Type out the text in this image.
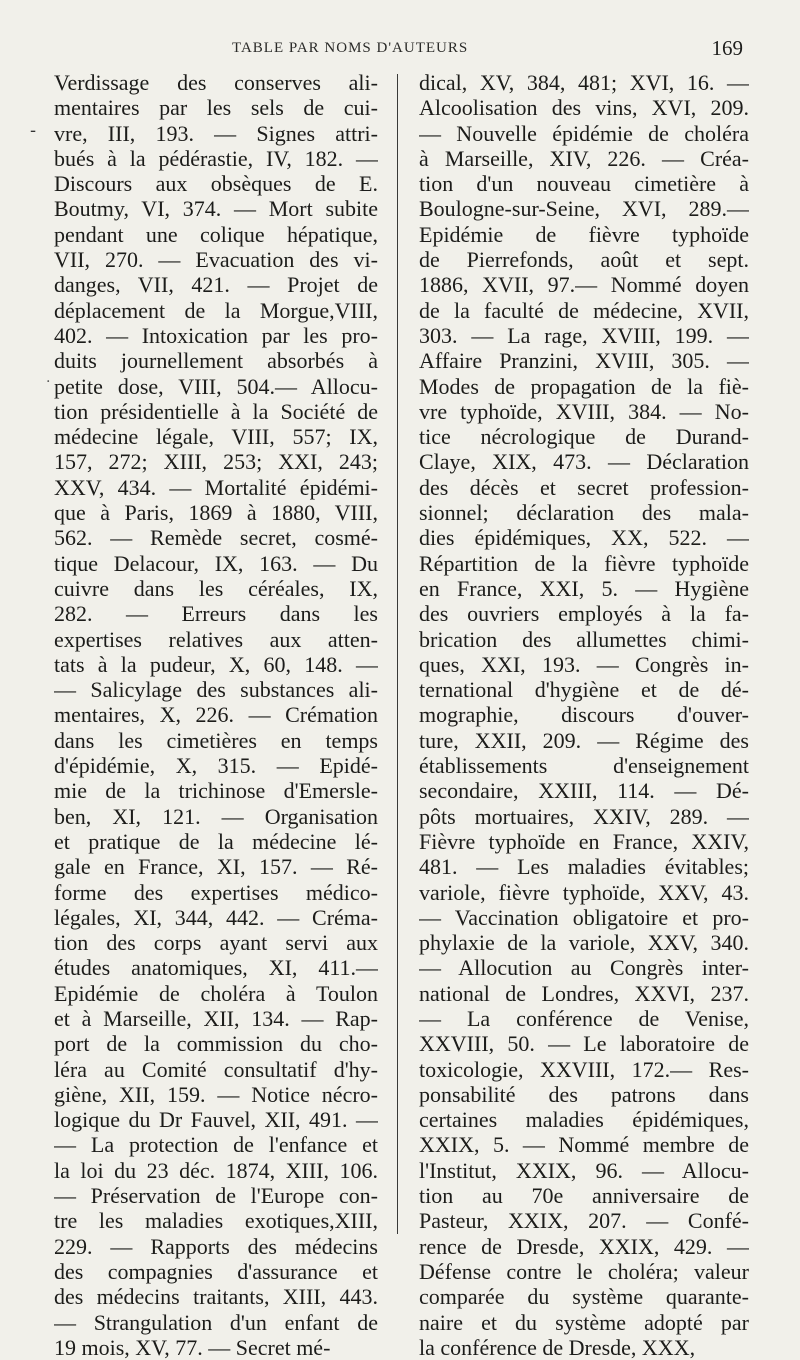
TABLE PAR NOMS D'AUTEURS	169
-
.
Verdissage des conserves ali-
mentaires par les sels de cui-
vre, III, 193. — Signes attri-
bués à la pédérastie, IV, 182. —
Discours aux obsèques de E.
Boutmy, VI, 374. — Mort subite
pendant une colique hépatique,
VII, 270. — Evacuation des vi-
danges, VII, 421. — Projet de
déplacement de la Morgue,VIII,
402. — Intoxication par les pro-
duits journellement absorbés à
petite dose, VIII, 504.— Allocu-
tion présidentielle à la Société de
médecine légale, VIII, 557; IX,
157, 272; XIII, 253; XXI, 243;
XXV, 434. — Mortalité épidémi-
que à Paris, 1869 à 1880, VIII,
562. — Remède secret, cosmé-
tique Delacour, IX, 163. — Du
cuivre dans les céréales, IX,
282. — Erreurs dans les
expertises relatives aux atten-
tats à la pudeur, X, 60, 148. —
— Salicylage des substances ali-
mentaires, X, 226. — Crémation
dans les cimetières en temps
d'épidémie, X, 315. — Epidé-
mie de la trichinose d'Emersle-
ben, XI, 121. — Organisation
et pratique de la médecine lé-
gale en France, XI, 157. — Ré-
forme des expertises médico-
légales, XI, 344, 442. — Créma-
tion des corps ayant servi aux
études anatomiques, XI, 411.—
Epidémie de choléra à Toulon
et à Marseille, XII, 134. — Rap-
port de la commission du cho-
léra au Comité consultatif d'hy-
giène, XII, 159. — Notice nécro-
logique du Dr Fauvel, XII, 491. —
— La protection de l'enfance et
la loi du 23 déc. 1874, XIII, 106.
— Préservation de l'Europe con-
tre les maladies exotiques,XIII,
229. — Rapports des médecins
des compagnies d'assurance et
des médecins traitants, XIII, 443.
— Strangulation d'un enfant de
19 mois, XV, 77. — Secret mé-
dical, XV, 384, 481; XVI, 16. —
Alcoolisation des vins, XVI, 209.
— Nouvelle épidémie de choléra
à Marseille, XIV, 226. — Créa-
tion d'un nouveau cimetière à
Boulogne-sur-Seine, XVI, 289.—
Epidémie de fièvre typhoïde
de Pierrefonds, août et sept.
1886, XVII, 97.— Nommé doyen
de la faculté de médecine, XVII,
303. — La rage, XVIII, 199. —
Affaire Pranzini, XVIII, 305. —
Modes de propagation de la fiè-
vre typhoïde, XVIII, 384. — No-
tice nécrologique de Durand-
Claye, XIX, 473. — Déclaration
des décès et secret profession-
sionnel; déclaration des mala-
dies épidémiques, XX, 522. —
Répartition de la fièvre typhoïde
en France, XXI, 5. — Hygiène
des ouvriers employés à la fa-
brication des allumettes chimi-
ques, XXI, 193. — Congrès in-
ternational d'hygiène et de dé-
mographie, discours d'ouver-
ture, XXII, 209. — Régime des
établissements d'enseignement
secondaire, XXIII, 114. — Dé-
pôts mortuaires, XXIV, 289. —
Fièvre typhoïde en France, XXIV,
481. — Les maladies évitables;
variole, fièvre typhoïde, XXV, 43.
— Vaccination obligatoire et pro-
phylaxie de la variole, XXV, 340.
— Allocution au Congrès inter-
national de Londres, XXVI, 237.
— La conférence de Venise,
XXVIII, 50. — Le laboratoire de
toxicologie, XXVIII, 172.— Res-
ponsabilité des patrons dans
certaines maladies épidémiques,
XXIX, 5. — Nommé membre de
l'Institut, XXIX, 96. — Allocu-
tion au 70e anniversaire de
Pasteur, XXIX, 207. — Confé-
rence de Dresde, XXIX, 429. —
Défense contre le choléra; valeur
comparée du système quarante-
naire et du système adopté par
la conférence de Dresde, XXX,
